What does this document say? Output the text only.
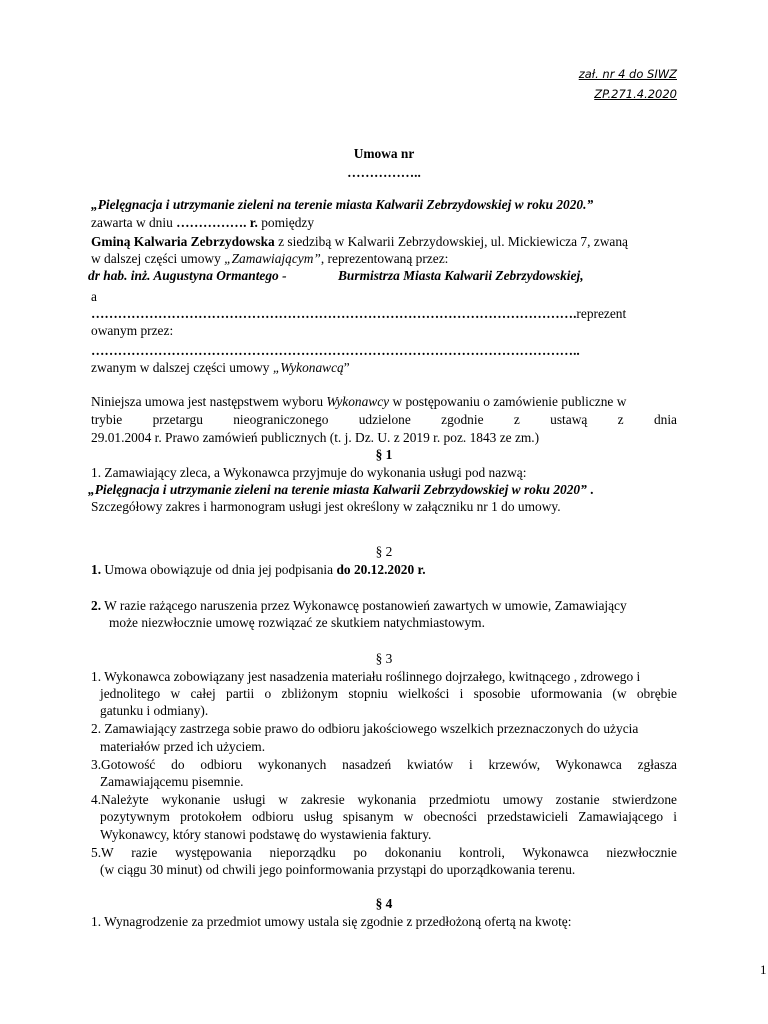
zał. nr 4 do SIWZ
ZP.271.4.2020
Umowa nr
……………..
„Pielęgnacja i utrzymanie zieleni na terenie miasta Kalwarii Zebrzydowskiej w roku 2020.”
zawarta w dniu ……………. r. pomiędzy
Gminą Kalwaria Zebrzydowska z siedzibą w Kalwarii Zebrzydowskiej, ul. Mickiewicza 7, zwaną
w dalszej części umowy „Zamawiającym”, reprezentowaną przez:
dr hab. inż. Augustyna Ormantego -	Burmistrza Miasta Kalwarii Zebrzydowskiej,
a
……………………………………………………………………………………………….reprezent
owanym przez:
………………………………………………………………………………………………..
zwanym w dalszej części umowy „Wykonawcą”
Niniejsza umowa jest następstwem wyboru Wykonawcy w postępowaniu o zamówienie publiczne w
trybie przetargu nieograniczonego udzielone zgodnie z ustawą z dnia
29.01.2004 r. Prawo zamówień publicznych (t. j. Dz. U. z 2019 r. poz. 1843 ze zm.)
§ 1
1. Zamawiający zleca, a Wykonawca przyjmuje do wykonania usługi pod nazwą:
„Pielęgnacja i utrzymanie zieleni na terenie miasta Kalwarii Zebrzydowskiej w roku 2020” .
Szczegółowy zakres i harmonogram usługi jest określony w załączniku nr 1 do umowy.
§ 2
1. Umowa obowiązuje od dnia jej podpisania do 20.12.2020 r.
2. W razie rażącego naruszenia przez Wykonawcę postanowień zawartych w umowie, Zamawiający
może niezwłocznie umowę rozwiązać ze skutkiem natychmiastowym.
§ 3
1. Wykonawca zobowiązany jest nasadzenia materiału roślinnego dojrzałego, kwitnącego , zdrowego i
jednolitego w całej partii o zbliżonym stopniu wielkości i sposobie uformowania (w obrębie
gatunku i odmiany).
2. Zamawiający zastrzega sobie prawo do odbioru jakościowego wszelkich przeznaczonych do użycia
materiałów przed ich użyciem.
3.Gotowość do odbioru wykonanych nasadzeń kwiatów i krzewów, Wykonawca zgłasza
Zamawiającemu pisemnie.
4.Należyte wykonanie usługi w zakresie wykonania przedmiotu umowy zostanie stwierdzone
pozytywnym protokołem odbioru usług spisanym w obecności przedstawicieli Zamawiającego i
Wykonawcy, który stanowi podstawę do wystawienia faktury.
5.W razie występowania nieporządku po dokonaniu kontroli, Wykonawca niezwłocznie
(w ciągu 30 minut) od chwili jego poinformowania przystąpi do uporządkowania terenu.
§ 4
1. Wynagrodzenie za przedmiot umowy ustala się zgodnie z przedłożoną ofertą na kwotę:
1
